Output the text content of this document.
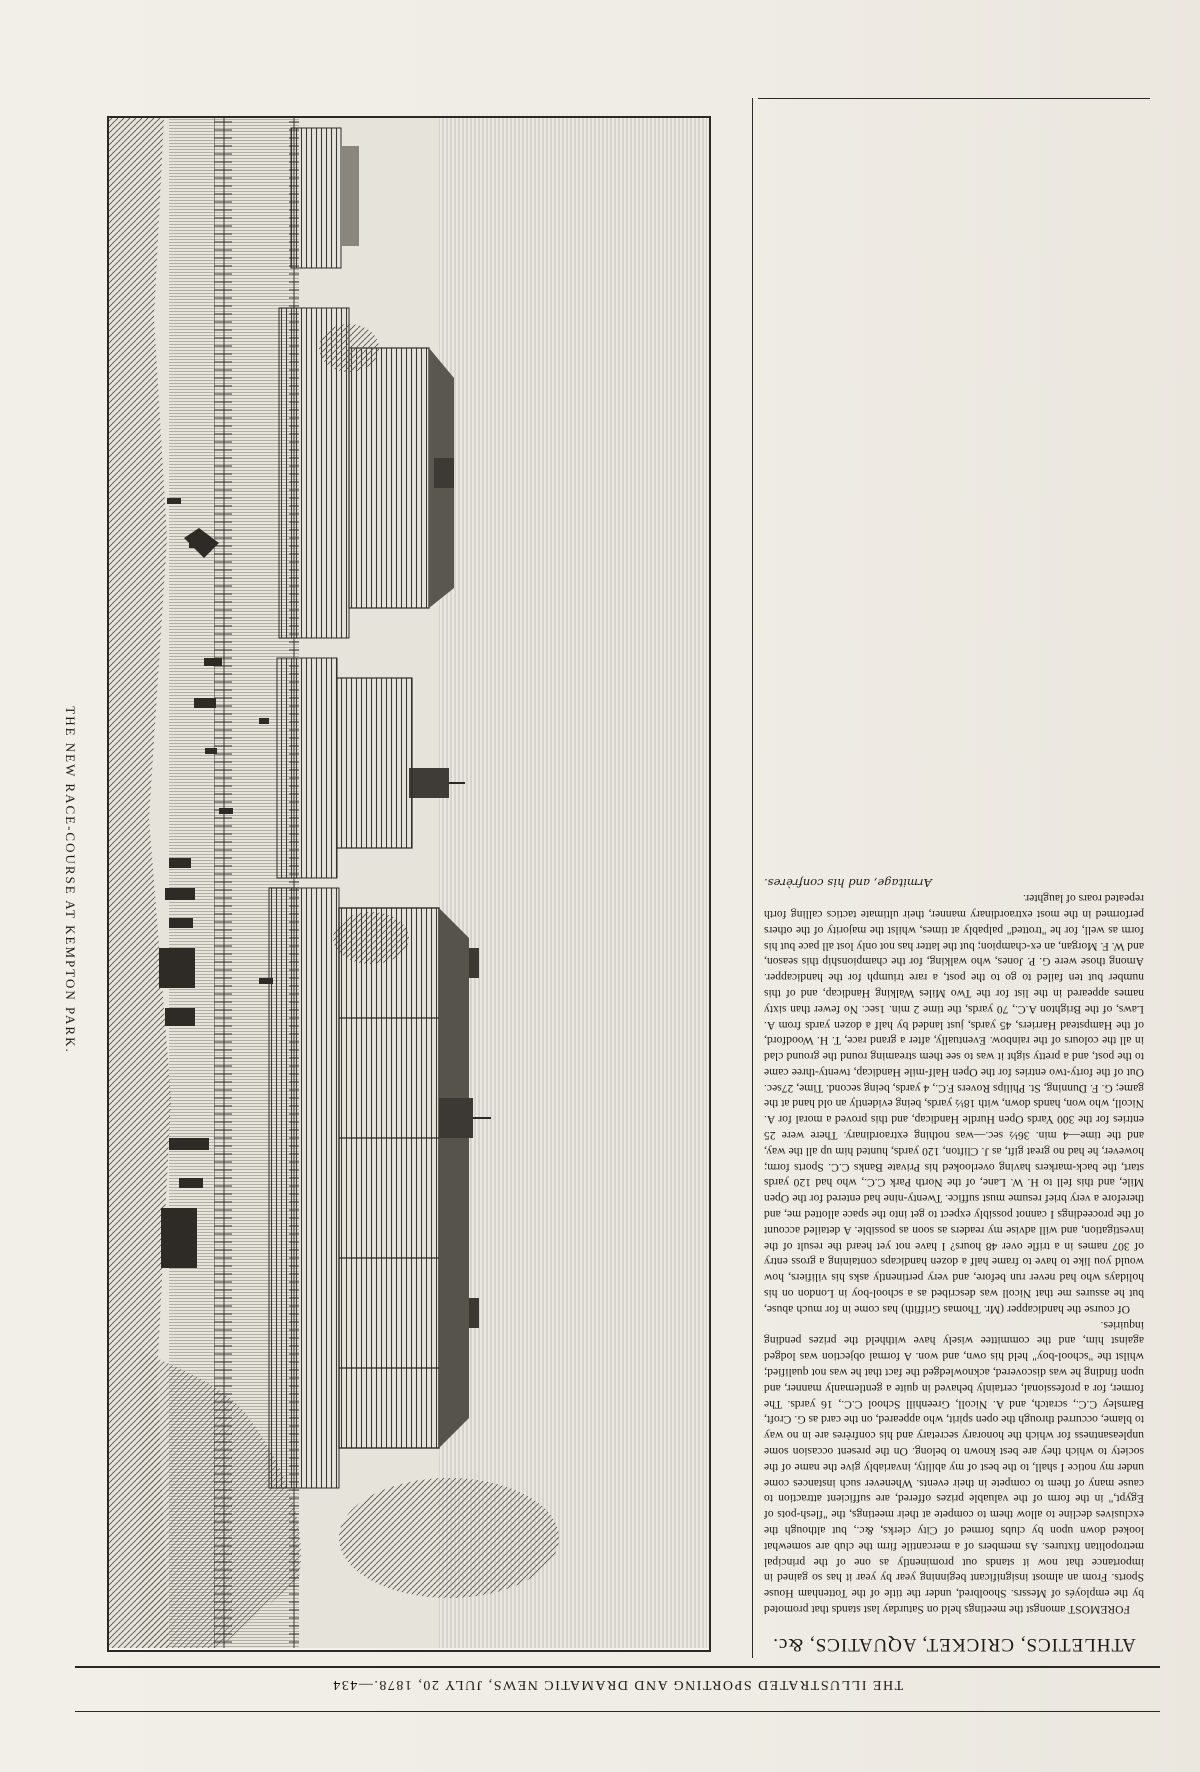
THE ILLUSTRATED SPORTING AND DRAMATIC NEWS, JULY 20, 1878.—434
THE NEW RACE-COURSE AT KEMPTON PARK.
ATHLETICS, CRICKET, AQUATICS, &c.

FOREMOST amongst the meetings held on Saturday last stands that promoted by the employés of Messrs. Shoolbred, under the title of the Tottenham House Sports. From an almost insignificant beginning year by year it has so gained in importance that now it stands out prominently as one of the principal metropolitan fixtures. As members of a mercantile firm the club are somewhat looked down upon by clubs formed of City clerks, &c., but although the exclusives decline to allow them to compete at their meetings, the "flesh-pots of Egypt," in the form of the valuable prizes offered, are sufficient attraction to cause many of them to compete in their events. Whenever such instances come under my notice I shall, to the best of my ability, invariably give the name of the society to which they are best known to belong. On the present occasion some unpleasantness for which the honorary secretary and his confrères are in no way to blame, occurred through the open spirit, who appeared, on the card as G. Croft, Barnsley C.C., scratch, and A. Nicoll, Greenhill School C.C., 16 yards. The former, for a professional, certainly behaved in quite a gentlemanly manner, and upon finding he was discovered, acknowledged the fact that he was not qualified; whilst the "school-boy" held his own, and won. A formal objection was lodged against him, and the committee wisely have withheld the prizes pending inquiries.

Of course the handicapper (Mr. Thomas Griffith) has come in for much abuse, but he assures me that Nicoll was described as a school-boy in London on his holidays who had never run before, and very pertinently asks his vilifiers, how would you like to have to frame half a dozen handicaps containing a gross entry of 307 names in a trifle over 48 hours? I have not yet heard the result of the investigation, and will advise my readers as soon as possible. A detailed account of the proceedings I cannot possibly expect to get into the space allotted me, and therefore a very brief resume must suffice. Twenty-nine had entered for the Open Mile, and this fell to H. W. Lane, of the North Park C.C., who had 120 yards start, the back-markers having overlooked his Private Banks C.C. Sports form; however, he had no great gift, as J. Clifton, 120 yards, hunted him up all the way, and the time—4 min. 36½ sec.—was nothing extraordinary. There were 25 entries for the 300 Yards Open Hurdle Handicap, and this proved a moral for A. Nicoll, who won, hands down, with 18½ yards, being evidently an old hand at the game; G. F. Dunning, St. Philips Rovers F.C., 4 yards, being second. Time, 27sec. Out of the forty-two entries for the Open Half-mile Handicap, twenty-three came to the post, and a pretty sight it was to see them streaming round the ground clad in all the colours of the rainbow. Eventually, after a grand race, T. H. Woodford, of the Hampstead Harriers, 45 yards, just landed by half a dozen yards from A. Laws, of the Brighton A.C., 70 yards, the time 2 min. 1sec. No fewer than sixty names appeared in the list for the Two Miles Walking Handicap, and of this number but ten failed to go to the post, a rare triumph for the handicapper. Among those were G. P. Jones, who walking, for the championship this season, and W. F. Morgan, an ex-champion; but the latter has not only lost all pace but his form as well, for he "trotted" palpably at times, whilst the majority of the others performed in the most extraordinary manner, their ultimate tactics calling forth repeated roars of laughter.

Armitage, and his confrères.
